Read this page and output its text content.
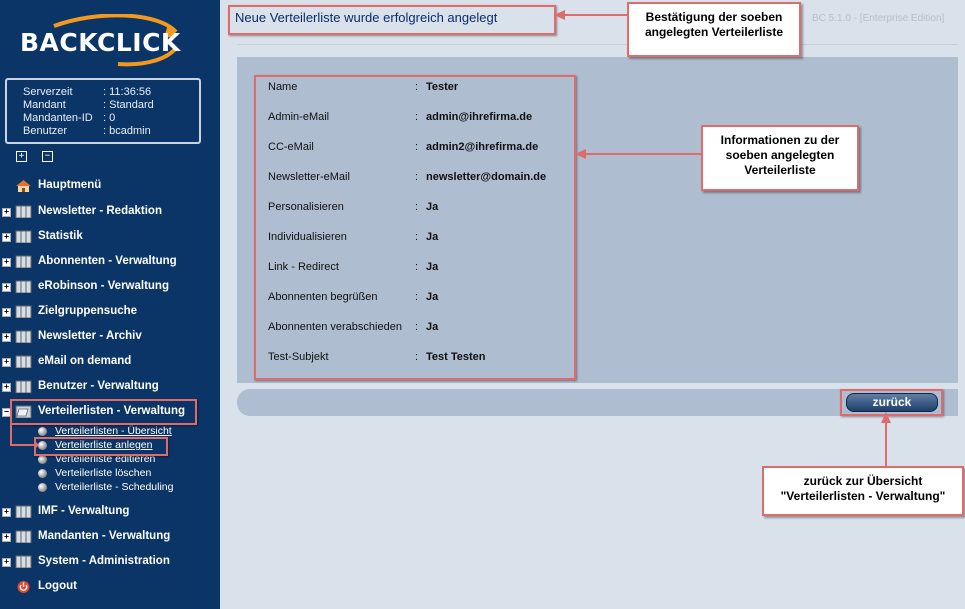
BACKCLICK
Serverzeit	: 11:36:56
Mandant	: Standard
Mandanten-ID : 0
Benutzer	: bcadmin
+	−
Hauptmenü
+	Newsletter - Redaktion
+	Statistik
+	Abonnenten - Verwaltung
+	eRobinson - Verwaltung
+	Zielgruppensuche
+	Newsletter - Archiv
+	eMail on demand
+	Benutzer - Verwaltung
−	Verteilerlisten - Verwaltung
Verteilerlisten - Übersicht
Verteilerliste anlegen
Verteilerliste editieren
Verteilerliste löschen
Verteilerliste - Scheduling
+	IMF - Verwaltung
+	Mandanten - Verwaltung
+	System - Administration
Logout
Neue Verteilerliste wurde erfolgreich angelegt	BC 5.1.0 - [Enterprise Edition]
Name	: Tester
Admin-eMail	: admin@ihrefirma.de
CC-eMail	: admin2@ihrefirma.de
Newsletter-eMail	: newsletter@domain.de
Personalisieren	: Ja
Individualisieren	: Ja
Link - Redirect	: Ja
Abonnenten begrüßen	: Ja
Abonnenten verabschieden : Ja
Test-Subjekt	: Test Testen
zurück
Bestätigung der soeben
angelegten Verteilerliste
Informationen zu der
soeben angelegten
Verteilerliste
zurück zur Übersicht
"Verteilerlisten - Verwaltung"
